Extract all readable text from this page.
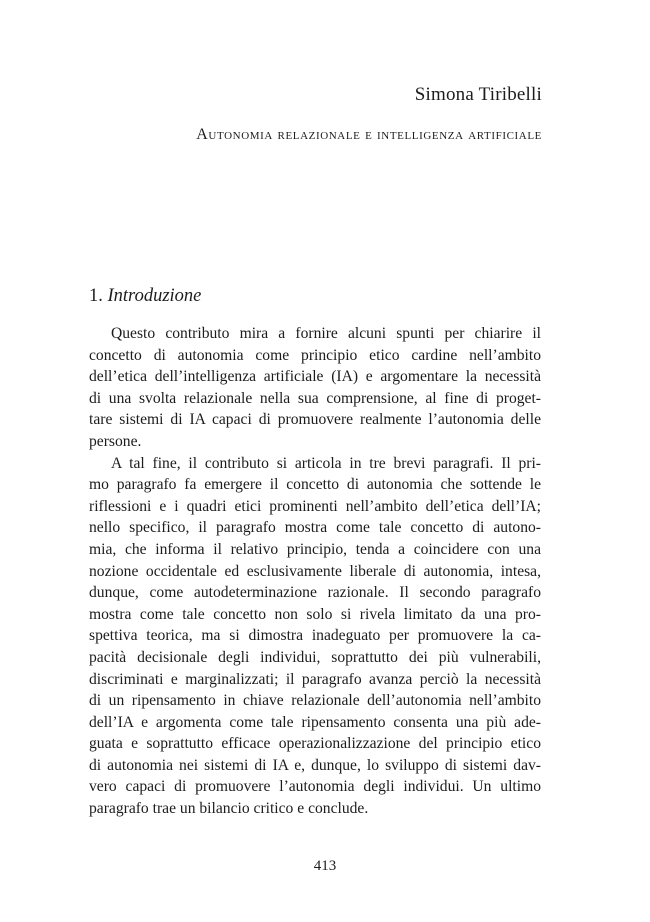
Simona Tiribelli
Autonomia relazionale e intelligenza artificiale
1. Introduzione
Questo contributo mira a fornire alcuni spunti per chiarire il
concetto di autonomia come principio etico cardine nell’ambito
dell’etica dell’intelligenza artificiale (IA) e argomentare la necessità
di una svolta relazionale nella sua comprensione, al fine di proget-
tare sistemi di IA capaci di promuovere realmente l’autonomia delle
persone.
A tal fine, il contributo si articola in tre brevi paragrafi. Il pri-
mo paragrafo fa emergere il concetto di autonomia che sottende le
riflessioni e i quadri etici prominenti nell’ambito dell’etica dell’IA;
nello specifico, il paragrafo mostra come tale concetto di autono-
mia, che informa il relativo principio, tenda a coincidere con una
nozione occidentale ed esclusivamente liberale di autonomia, intesa,
dunque, come autodeterminazione razionale. Il secondo paragrafo
mostra come tale concetto non solo si rivela limitato da una pro-
spettiva teorica, ma si dimostra inadeguato per promuovere la ca-
pacità decisionale degli individui, soprattutto dei più vulnerabili,
discriminati e marginalizzati; il paragrafo avanza perciò la necessità
di un ripensamento in chiave relazionale dell’autonomia nell’ambito
dell’IA e argomenta come tale ripensamento consenta una più ade-
guata e soprattutto efficace operazionalizzazione del principio etico
di autonomia nei sistemi di IA e, dunque, lo sviluppo di sistemi dav-
vero capaci di promuovere l’autonomia degli individui. Un ultimo
paragrafo trae un bilancio critico e conclude.
413
